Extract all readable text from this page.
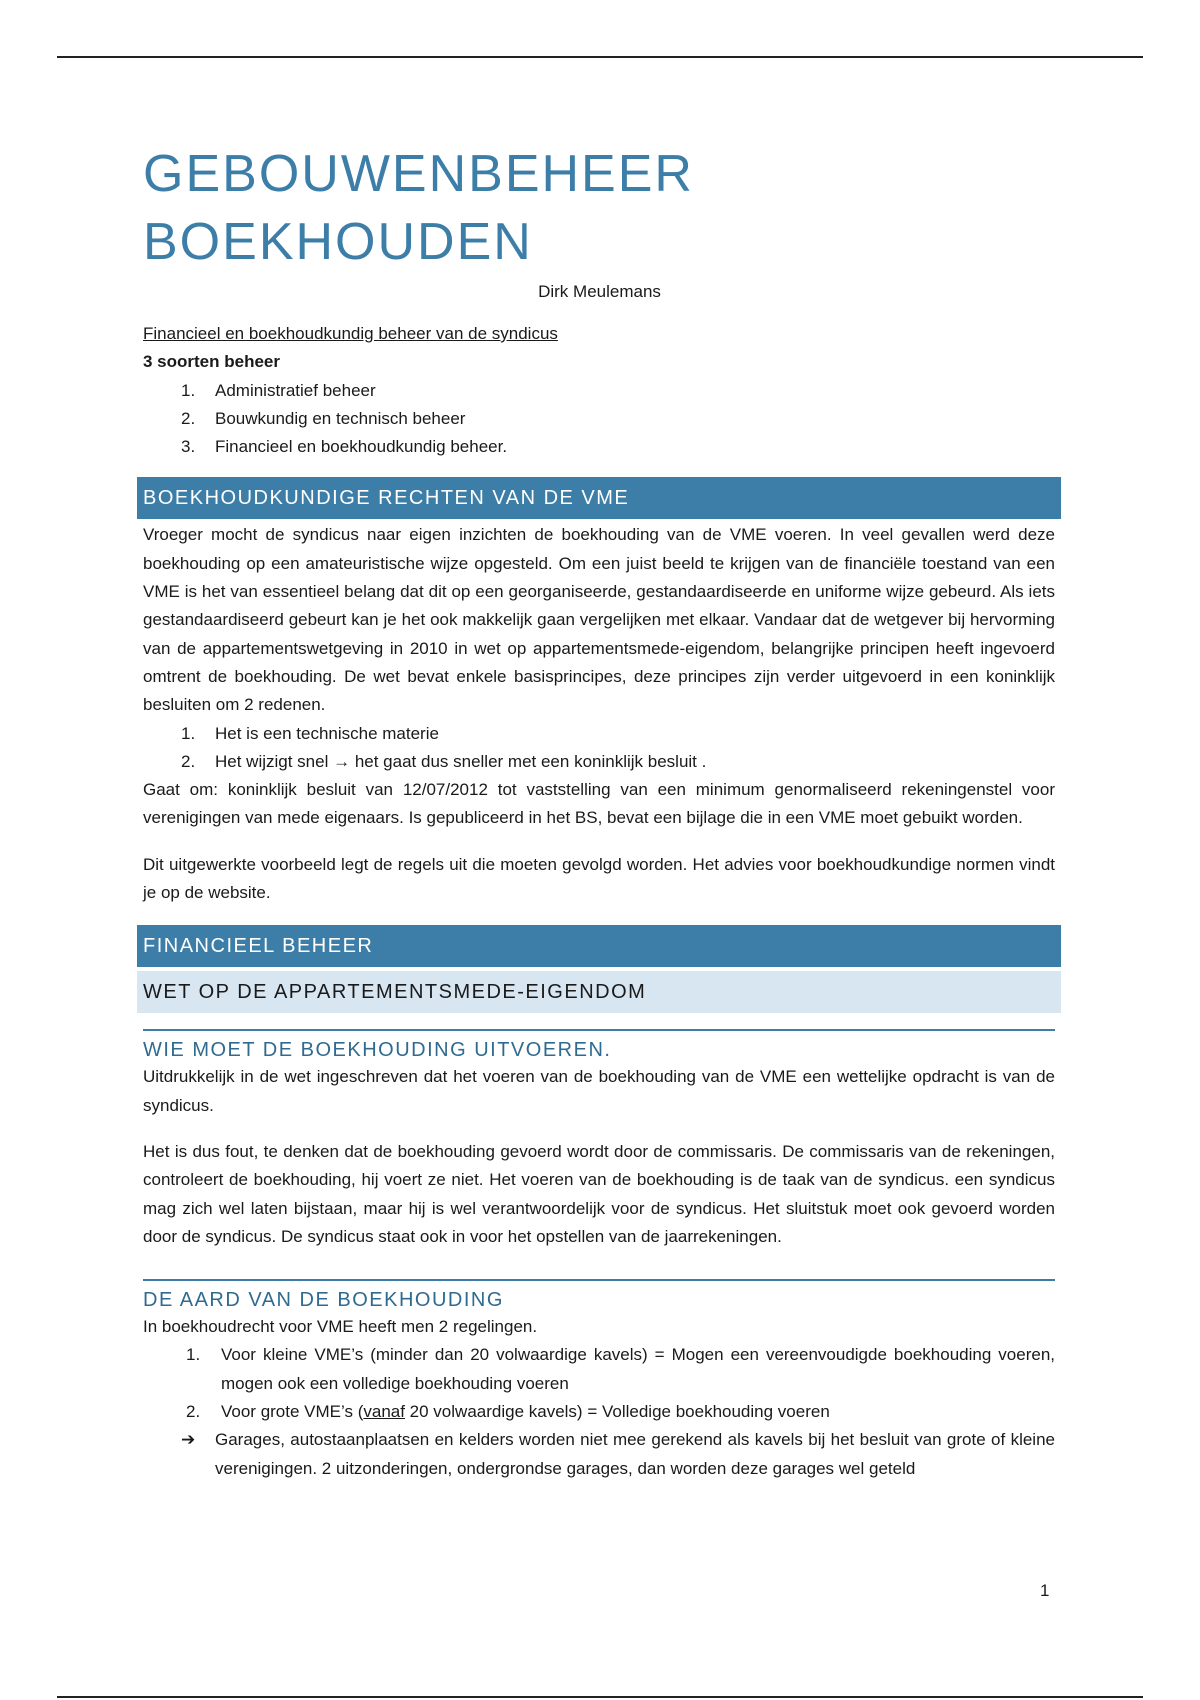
GEBOUWENBEHEER
BOEKHOUDEN
Dirk Meulemans
Financieel en boekhoudkundig beheer van de syndicus
3 soorten beheer
1. Administratief beheer
2. Bouwkundig en technisch beheer
3. Financieel en boekhoudkundig beheer.
BOEKHOUDKUNDIGE RECHTEN VAN DE VME
Vroeger mocht de syndicus naar eigen inzichten de boekhouding van de VME voeren. In veel gevallen werd deze boekhouding op een amateuristische wijze opgesteld. Om een juist beeld te krijgen van de financiële toestand van een VME is het van essentieel belang dat dit op een georganiseerde, gestandaardiseerde en uniforme wijze gebeurd. Als iets gestandaardiseerd gebeurt kan je het ook makkelijk gaan vergelijken met elkaar. Vandaar dat de wetgever bij hervorming van de appartementswetgeving in 2010 in wet op appartementsmede-eigendom, belangrijke principen heeft ingevoerd omtrent de boekhouding. De wet bevat enkele basisprincipes, deze principes zijn verder uitgevoerd in een koninklijk besluiten om 2 redenen.
1. Het is een technische materie
2. Het wijzigt snel → het gaat dus sneller met een koninklijk besluit .
Gaat om: koninklijk besluit van 12/07/2012 tot vaststelling van een minimum genormaliseerd rekeningenstel voor verenigingen van mede eigenaars. Is gepubliceerd in het BS, bevat een bijlage die in een VME moet gebuikt worden.
Dit uitgewerkte voorbeeld legt de regels uit die moeten gevolgd worden. Het advies voor boekhoudkundige normen vindt je op de website.
FINANCIEEL BEHEER
WET OP DE APPARTEMENTSMEDE-EIGENDOM
WIE MOET DE BOEKHOUDING UITVOEREN.
Uitdrukkelijk in de wet ingeschreven dat het voeren van de boekhouding van de VME een wettelijke opdracht is van de syndicus.
Het is dus fout, te denken dat de boekhouding gevoerd wordt door de commissaris. De commissaris van de rekeningen, controleert de boekhouding, hij voert ze niet. Het voeren van de boekhouding is de taak van de syndicus. een syndicus mag zich wel laten bijstaan, maar hij is wel verantwoordelijk voor de syndicus. Het sluitstuk moet ook gevoerd worden door de syndicus. De syndicus staat ook in voor het opstellen van de jaarrekeningen.
DE AARD VAN DE BOEKHOUDING
In boekhoudrecht voor VME heeft men 2 regelingen.
1. Voor kleine VME’s (minder dan 20 volwaardige kavels) = Mogen een vereenvoudigde boekhouding voeren, mogen ook een volledige boekhouding voeren
2. Voor grote VME’s (vanaf 20 volwaardige kavels) = Volledige boekhouding voeren
➔ Garages, autostaanplaatsen en kelders worden niet mee gerekend als kavels bij het besluit van grote of kleine verenigingen. 2 uitzonderingen, ondergrondse garages, dan worden deze garages wel geteld
1
